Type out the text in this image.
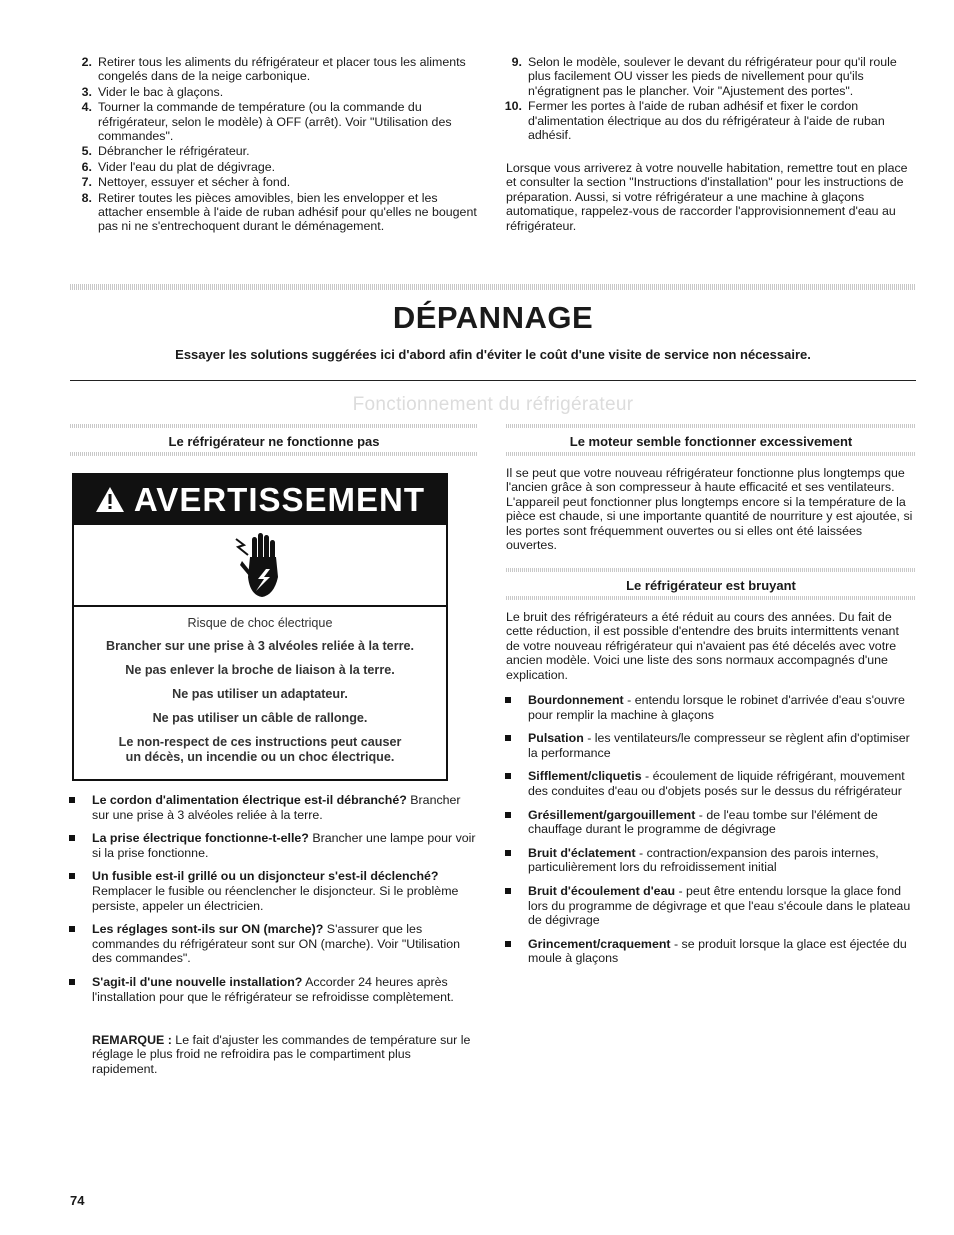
2. Retirer tous les aliments du réfrigérateur et placer tous les aliments congelés dans de la neige carbonique.
3. Vider le bac à glaçons.
4. Tourner la commande de température (ou la commande du réfrigérateur, selon le modèle) à OFF (arrêt). Voir "Utilisation des commandes".
5. Débrancher le réfrigérateur.
6. Vider l'eau du plat de dégivrage.
7. Nettoyer, essuyer et sécher à fond.
8. Retirer toutes les pièces amovibles, bien les envelopper et les attacher ensemble à l'aide de ruban adhésif pour qu'elles ne bougent pas ni ne s'entrechoquent durant le déménagement.
9. Selon le modèle, soulever le devant du réfrigérateur pour qu'il roule plus facilement OU visser les pieds de nivellement pour qu'ils n'égratignent pas le plancher. Voir "Ajustement des portes".
10. Fermer les portes à l'aide de ruban adhésif et fixer le cordon d'alimentation électrique au dos du réfrigérateur à l'aide de ruban adhésif.

Lorsque vous arriverez à votre nouvelle habitation, remettre tout en place et consulter la section "Instructions d'installation" pour les instructions de préparation. Aussi, si votre réfrigérateur a une machine à glaçons automatique, rappelez-vous de raccorder l'approvisionnement d'eau au réfrigérateur.

DÉPANNAGE
Essayer les solutions suggérées ici d'abord afin d'éviter le coût d'une visite de service non nécessaire.
Fonctionnement du réfrigérateur
Le réfrigérateur ne fonctionne pas
AVERTISSEMENT
Risque de choc électrique
Brancher sur une prise à 3 alvéoles reliée à la terre.
Ne pas enlever la broche de liaison à la terre.
Ne pas utiliser un adaptateur.
Ne pas utiliser un câble de rallonge.
Le non-respect de ces instructions peut causer
un décès, un incendie ou un choc électrique.
Le cordon d'alimentation électrique est-il débranché? Brancher sur une prise à 3 alvéoles reliée à la terre.
La prise électrique fonctionne-t-elle? Brancher une lampe pour voir si la prise fonctionne.
Un fusible est-il grillé ou un disjoncteur s'est-il déclenché? Remplacer le fusible ou réenclencher le disjoncteur. Si le problème persiste, appeler un électricien.
Les réglages sont-ils sur ON (marche)? S'assurer que les commandes du réfrigérateur sont sur ON (marche). Voir "Utilisation des commandes".
S'agit-il d'une nouvelle installation? Accorder 24 heures après l'installation pour que le réfrigérateur se refroidisse complètement.

REMARQUE : Le fait d'ajuster les commandes de température sur le réglage le plus froid ne refroidira pas le compartiment plus rapidement.

Le moteur semble fonctionner excessivement

Il se peut que votre nouveau réfrigérateur fonctionne plus longtemps que l'ancien grâce à son compresseur à haute efficacité et ses ventilateurs. L'appareil peut fonctionner plus longtemps encore si la température de la pièce est chaude, si une importante quantité de nourriture y est ajoutée, si les portes sont fréquemment ouvertes ou si elles ont été laissées ouvertes.

Le réfrigérateur est bruyant

Le bruit des réfrigérateurs a été réduit au cours des années. Du fait de cette réduction, il est possible d'entendre des bruits intermittents venant de votre nouveau réfrigérateur qui n'avaient pas été décelés avec votre ancien modèle. Voici une liste des sons normaux accompagnés d'une explication.

Bourdonnement - entendu lorsque le robinet d'arrivée d'eau s'ouvre pour remplir la machine à glaçons
Pulsation - les ventilateurs/le compresseur se règlent afin d'optimiser la performance
Sifflement/cliquetis - écoulement de liquide réfrigérant, mouvement des conduites d'eau ou d'objets posés sur le dessus du réfrigérateur
Grésillement/gargouillement - de l'eau tombe sur l'élément de chauffage durant le programme de dégivrage
Bruit d'éclatement - contraction/expansion des parois internes, particulièrement lors du refroidissement initial
Bruit d'écoulement d'eau - peut être entendu lorsque la glace fond lors du programme de dégivrage et que l'eau s'écoule dans le plateau de dégivrage
Grincement/craquement - se produit lorsque la glace est éjectée du moule à glaçons
74
